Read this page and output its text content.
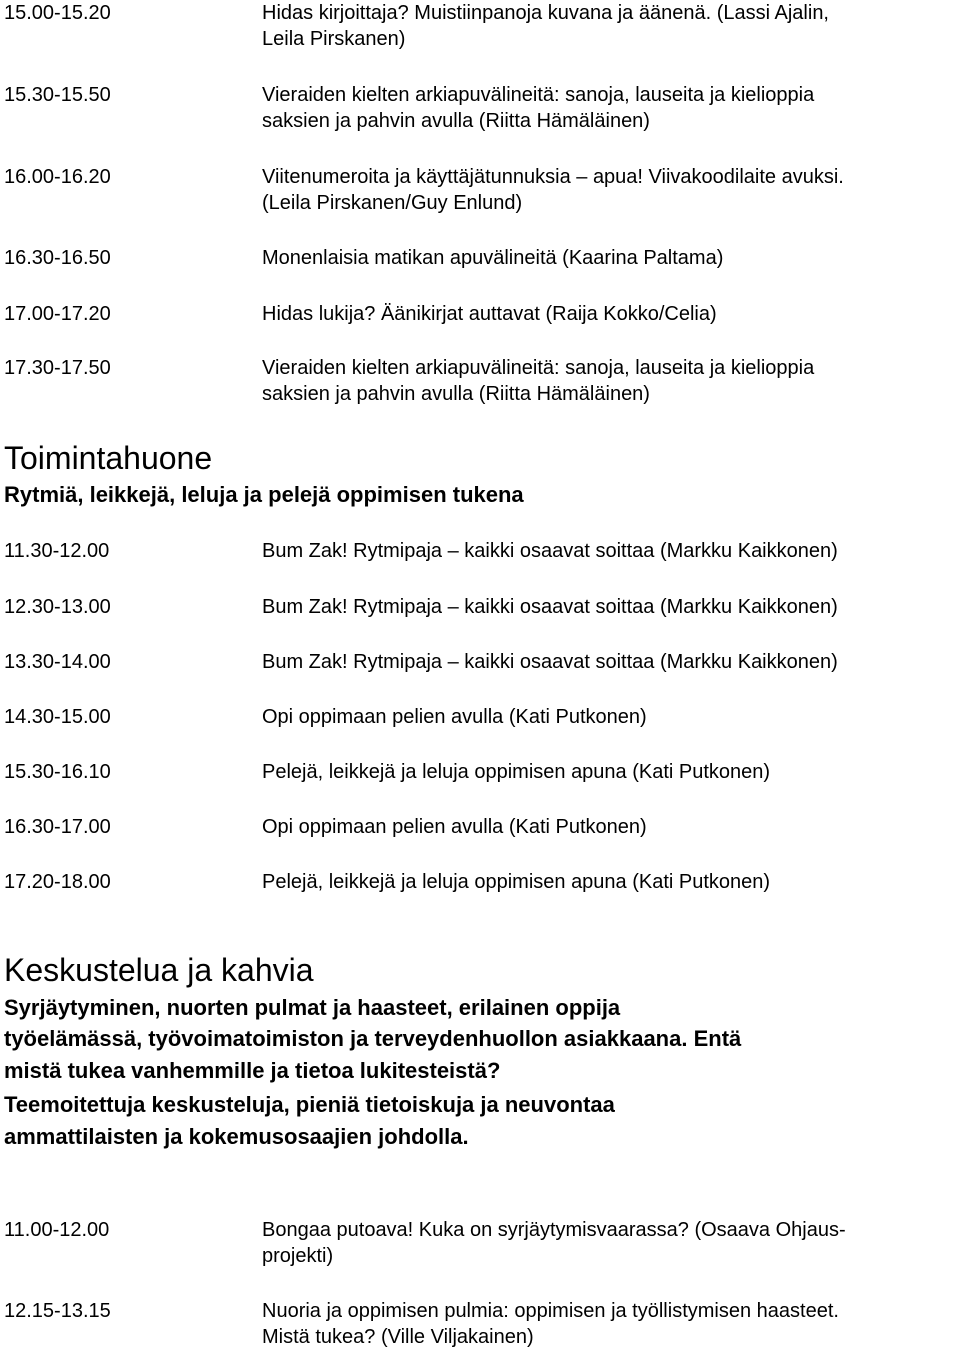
15.00-15.20	Hidas kirjoittaja? Muistiinpanoja kuvana ja äänenä. (Lassi Ajalin,
Leila Pirskanen)
15.30-15.50	Vieraiden kielten arkiapuvälineitä: sanoja, lauseita ja kielioppia
saksien ja pahvin avulla (Riitta Hämäläinen)
16.00-16.20	Viitenumeroita ja käyttäjätunnuksia – apua! Viivakoodilaite avuksi.
(Leila Pirskanen/Guy Enlund)
16.30-16.50	Monenlaisia matikan apuvälineitä (Kaarina Paltama)
17.00-17.20	Hidas lukija? Äänikirjat auttavat (Raija Kokko/Celia)
17.30-17.50	Vieraiden kielten arkiapuvälineitä: sanoja, lauseita ja kielioppia
saksien ja pahvin avulla (Riitta Hämäläinen)
Toimintahuone
Rytmiä, leikkejä, leluja ja pelejä oppimisen tukena
11.30-12.00	Bum Zak! Rytmipaja – kaikki osaavat soittaa (Markku Kaikkonen)
12.30-13.00	Bum Zak! Rytmipaja – kaikki osaavat soittaa (Markku Kaikkonen)
13.30-14.00	Bum Zak! Rytmipaja – kaikki osaavat soittaa (Markku Kaikkonen)
14.30-15.00	Opi oppimaan pelien avulla (Kati Putkonen)
15.30-16.10	Pelejä, leikkejä ja leluja oppimisen apuna (Kati Putkonen)
16.30-17.00	Opi oppimaan pelien avulla (Kati Putkonen)
17.20-18.00	Pelejä, leikkejä ja leluja oppimisen apuna (Kati Putkonen)
Keskustelua ja kahvia
Syrjäytyminen, nuorten pulmat ja haasteet, erilainen oppija
työelämässä, työvoimatoimiston ja terveydenhuollon asiakkaana. Entä
mistä tukea vanhemmille ja tietoa lukitesteistä?
Teemoitettuja keskusteluja, pieniä tietoiskuja ja neuvontaa
ammattilaisten ja kokemusosaajien johdolla.
11.00-12.00	Bongaa putoava! Kuka on syrjäytymisvaarassa? (Osaava Ohjaus-
projekti)
12.15-13.15	Nuoria ja oppimisen pulmia: oppimisen ja työllistymisen haasteet.
Mistä tukea? (Ville Viljakainen)
